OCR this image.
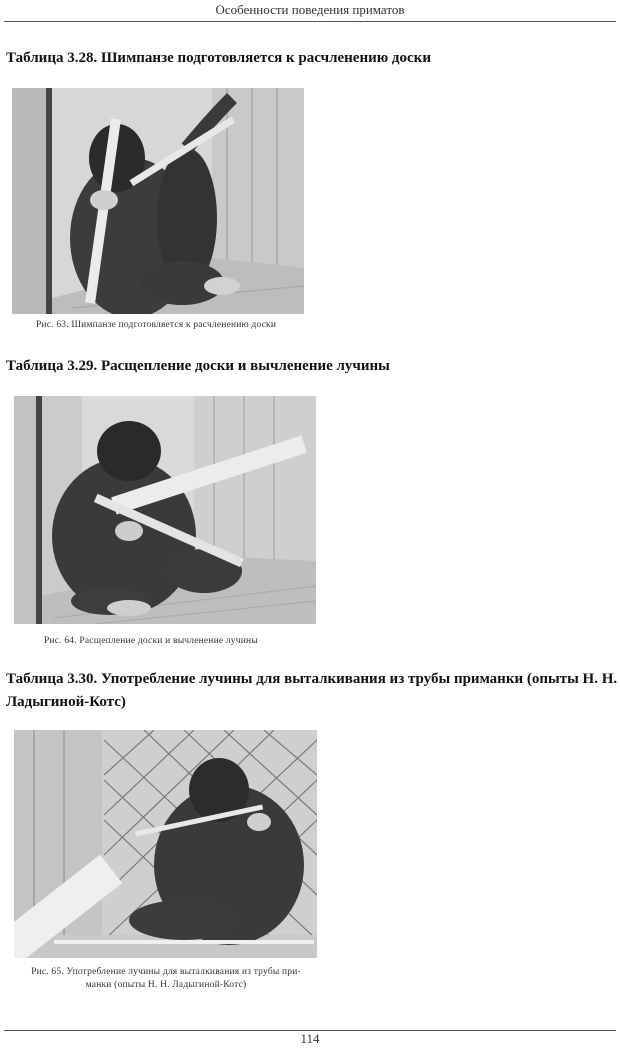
Особенности поведения приматов
Таблица 3.28. Шимпанзе подготовляется к расчленению доски
Рис. 63. Шимпанзе подготовляется к расчленению доски
Таблица 3.29. Расщепление доски и вычленение лучины
Рис. 64. Расщепление доски и вычленение лучины
Таблица 3.30. Употребление лучины для выталкивания из трубы приманки (опыты Н. Н. Ладыгиной-Котс)
Рис. 65. Употребление лучины для выталкивания из трубы при-
манки (опыты Н. Н. Ладыгиной-Котс)
114
